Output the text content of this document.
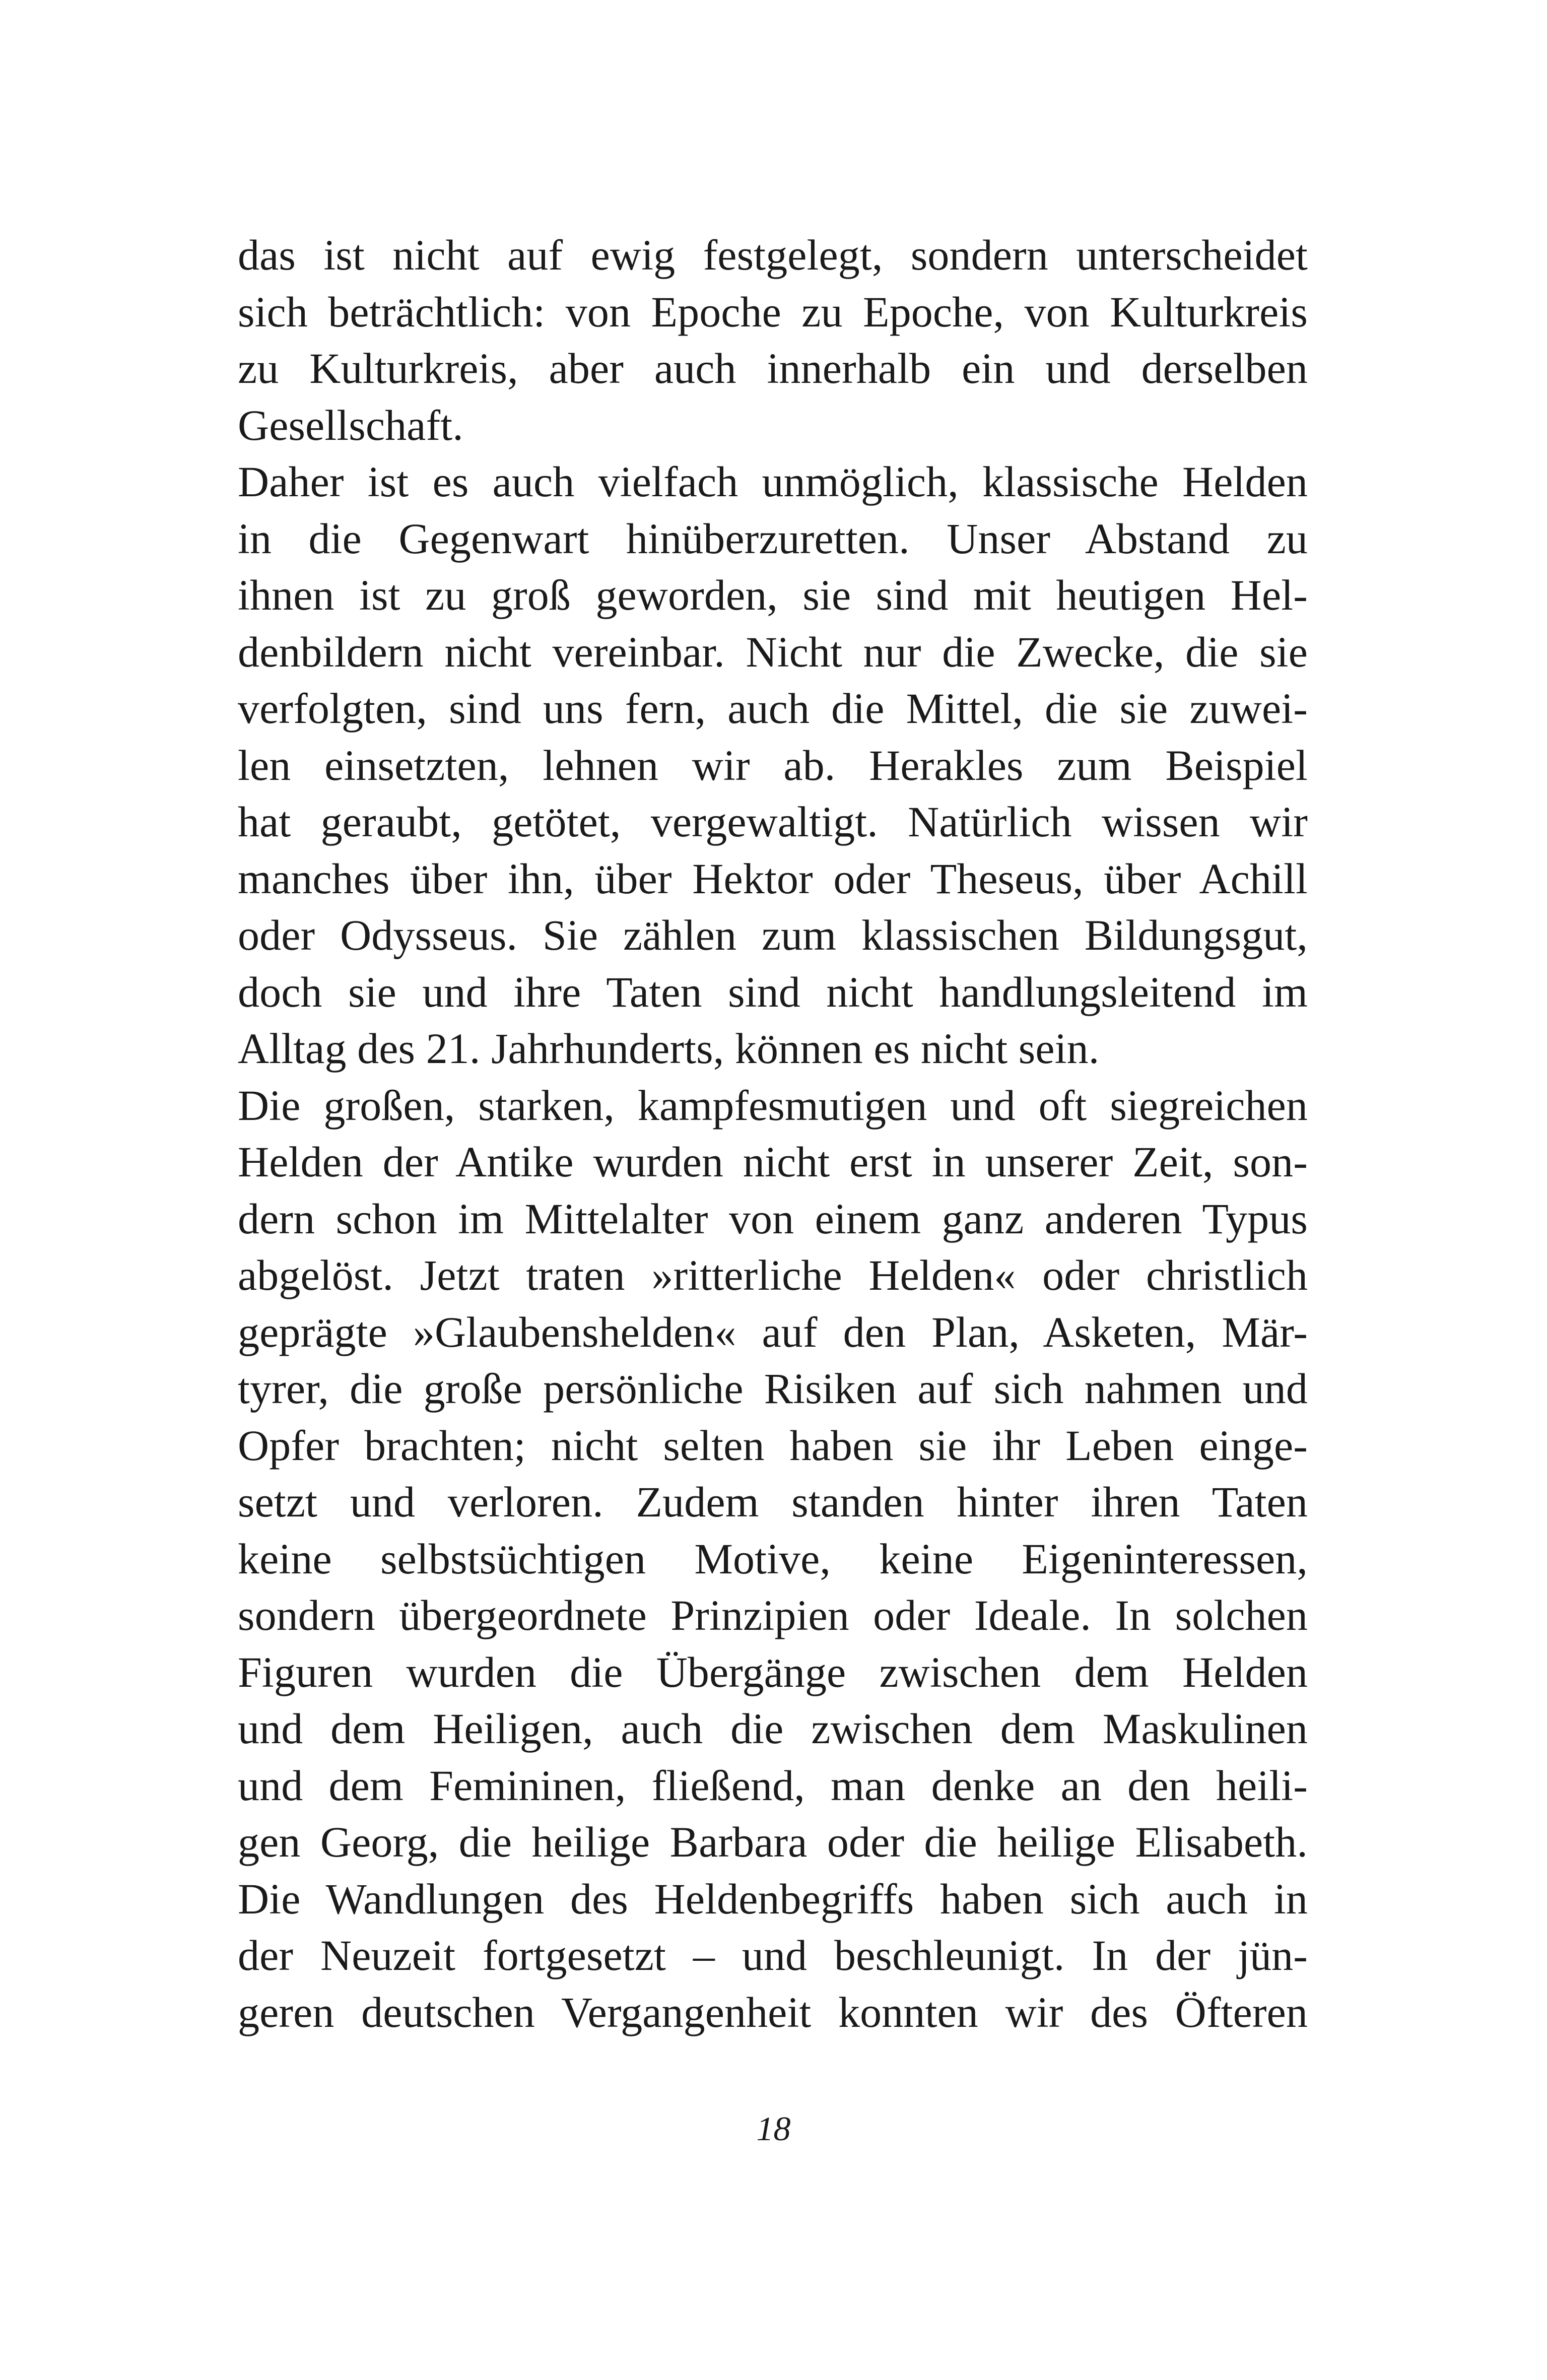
das ist nicht auf ewig festgelegt, sondern unterscheidet
sich beträchtlich: von Epoche zu Epoche, von Kulturkreis
zu Kulturkreis, aber auch innerhalb ein und derselben
Gesellschaft.
Daher ist es auch vielfach unmöglich, klassische Helden
in die Gegenwart hinüberzuretten. Unser Abstand zu
ihnen ist zu groß geworden, sie sind mit heutigen Hel-
denbildern nicht vereinbar. Nicht nur die Zwecke, die sie
verfolgten, sind uns fern, auch die Mittel, die sie zuwei-
len einsetzten, lehnen wir ab. Herakles zum Beispiel
hat geraubt, getötet, vergewaltigt. Natürlich wissen wir
manches über ihn, über Hektor oder Theseus, über Achill
oder Odysseus. Sie zählen zum klassischen Bildungsgut,
doch sie und ihre Taten sind nicht handlungsleitend im
Alltag des 21. Jahrhunderts, können es nicht sein.
Die großen, starken, kampfesmutigen und oft siegreichen
Helden der Antike wurden nicht erst in unserer Zeit, son-
dern schon im Mittelalter von einem ganz anderen Typus
abgelöst. Jetzt traten »ritterliche Helden« oder christlich
geprägte »Glaubenshelden« auf den Plan, Asketen, Mär-
tyrer, die große persönliche Risiken auf sich nahmen und
Opfer brachten; nicht selten haben sie ihr Leben einge-
setzt und verloren. Zudem standen hinter ihren Taten
keine selbstsüchtigen Motive, keine Eigeninteressen,
sondern übergeordnete Prinzipien oder Ideale. In solchen
Figuren wurden die Übergänge zwischen dem Helden
und dem Heiligen, auch die zwischen dem Maskulinen
und dem Femininen, fließend, man denke an den heili-
gen Georg, die heilige Barbara oder die heilige Elisabeth.
Die Wandlungen des Heldenbegriffs haben sich auch in
der Neuzeit fortgesetzt – und beschleunigt. In der jün-
geren deutschen Vergangenheit konnten wir des Öfteren
18
